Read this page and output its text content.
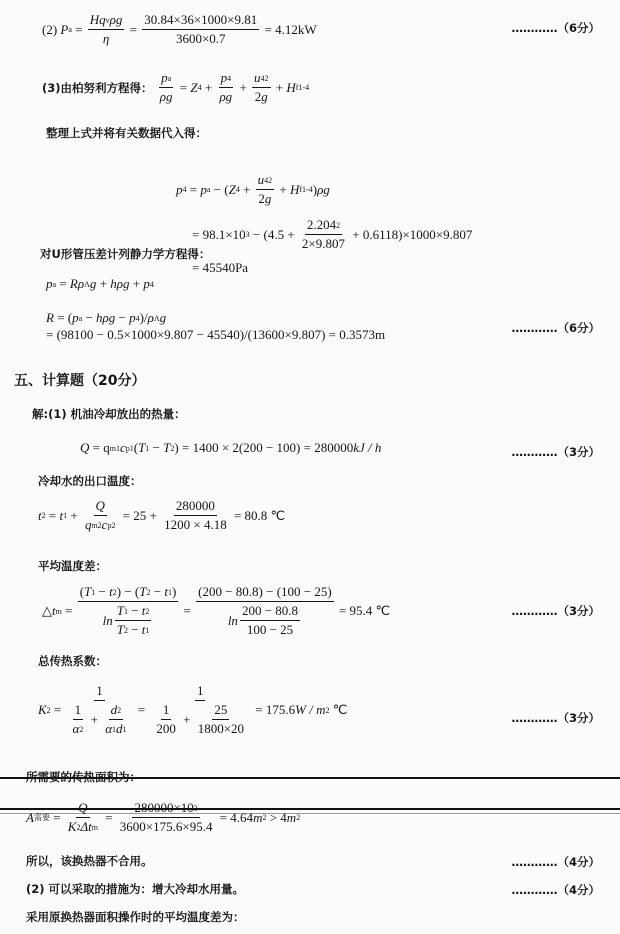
(2) P $a = \frac{\text{Hq v ρg}}{\eta} = \frac{30.84\times 36\times 1000\times 9.81}{3600\times 0.7} = 4.12kW$	…………（6分）
(3)由柏努利方程得：
$\frac{\text{p a}}{\rho g} = Z$ $4 + \frac{p 4}{\rho g} + \frac{u 4 2}{2 g} + H$ f1-4
整理上式并将有关数据代入得：
p 4 = p a − ( Z $4 + \frac{u 4 2}{2 g} + H$ f1-4 ) ρg
= 98.1×10 $3 - (4.5 + \frac{2.204 2}{2\times 9.807} + 0.6118)\times 1000\times 9.807$
= 45540Pa
对U形管压差计列静力学方程得：
p a = Rρ A g + hρg + p 4
R = ( p a − hρg − p 4 )/ ρ A g
= (98100 − 0.5×1000×9.807 − 45540)/(13600×9.807) = 0.3573m	…………（6分）
五、计算题（20分）
解:(1) 机油冷却放出的热量：
Q = q m1 c p1 ( T 1 − T 2 ) = 1400 × 2(200 − 100) = 280000 kJ / h	…………（3分）
冷却水的出口温度：
t 2 = t $1 + \frac{Q}{\text{q m2 c p2}} = 25 + \frac{280000}{1200 \times 4.18} = 80.8$ ℃
平均温度差：
△ t $m = \frac{( T 1 - t 2 ) - ( T 2 - t 1 )}{\ln \frac{T 1 - t 2}{T 2 - t 1}} = \frac{(200 - 80.8) - (100 - 25)}{\ln \frac{200 - 80.8}{100 - 25}} = 95.4$ ℃	…………（3分）
总传热系数：
K $2 = \frac{1}{\frac{1}{\alpha 2} + \frac{d 2}{\alpha 1 d 1}} = \frac{1}{\frac{1}{200} + \frac{25}{1800\times 20}} = 175.6$ W / m 2 ℃
…………（3分）
所需要的传热面积为：
A 需要 = $\frac{Q}{\text{K 2 Δt m}} = \frac{280000\times 10 3}{3600\times 175.6\times 95.4} = 4.64$ m 2 > 4 m 2
所以，该换热器不合用。	…………（4分）
(2) 可以采取的措施为：增大冷却水用量。	…………（4分）
采用原换热器面积操作时的平均温度差为：
